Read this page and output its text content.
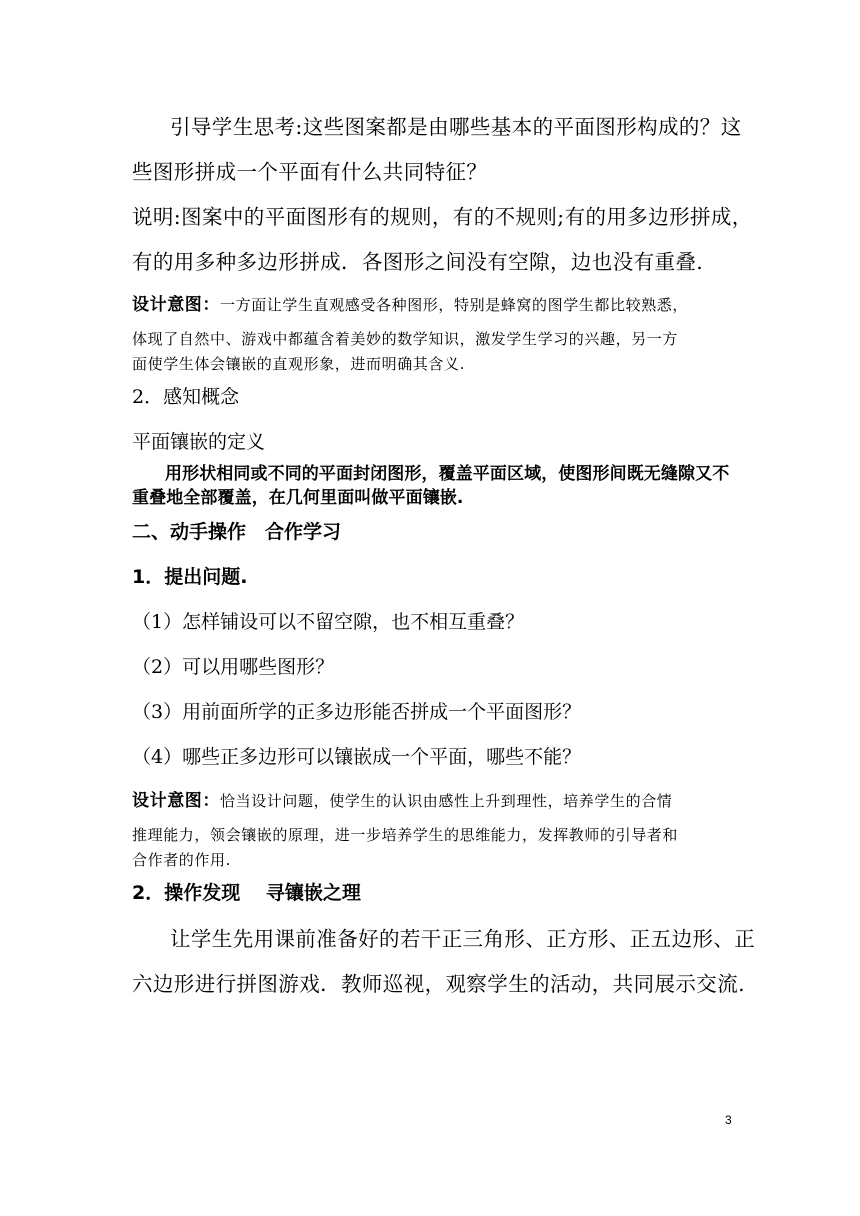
引导学生思考:这些图案都是由哪些基本的平面图形构成的？这

些图形拼成一个平面有什么共同特征？

说明:图案中的平面图形有的规则，有的不规则;有的用多边形拼成，

有的用多种多边形拼成．各图形之间没有空隙，边也没有重叠.

设计意图：一方面让学生直观感受各种图形，特别是蜂窝的图学生都比较熟悉，

体现了自然中、游戏中都蕴含着美妙的数学知识，激发学生学习的兴趣，另一方

面使学生体会镶嵌的直观形象，进而明确其含义.

2．感知概念

平面镶嵌的定义

用形状相同或不同的平面封闭图形，覆盖平面区域，使图形间既无缝隙又不

重叠地全部覆盖，在几何里面叫做平面镶嵌.

二、动手操作　合作学习

1．提出问题.

（1）怎样铺设可以不留空隙，也不相互重叠？

（2）可以用哪些图形？

（3）用前面所学的正多边形能否拼成一个平面图形？

（4）哪些正多边形可以镶嵌成一个平面，哪些不能？

设计意图：恰当设计问题，使学生的认识由感性上升到理性，培养学生的合情

推理能力，领会镶嵌的原理，进一步培养学生的思维能力，发挥教师的引导者和

合作者的作用.

2．操作发现　 寻镶嵌之理

让学生先用课前准备好的若干正三角形、正方形、正五边形、正

六边形进行拼图游戏．教师巡视，观察学生的活动，共同展示交流.

3
